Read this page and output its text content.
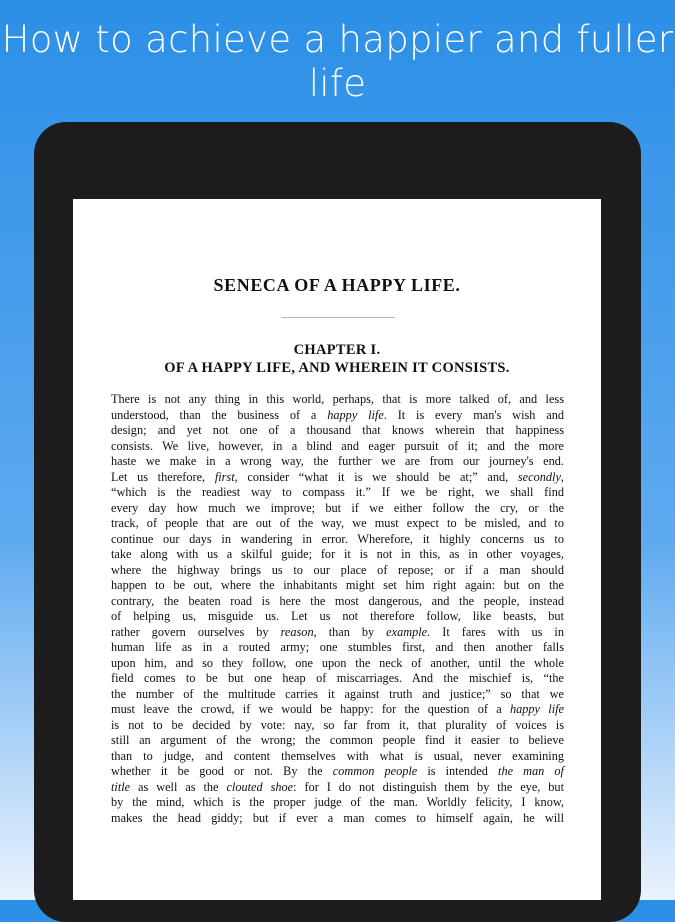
How to achieve a happier and fuller
life
SENECA OF A HAPPY LIFE.
CHAPTER I.
OF A HAPPY LIFE, AND WHEREIN IT CONSISTS.
There is not any thing in this world, perhaps, that is more talked of, and less
understood, than the business of a happy life. It is every man's wish and
design; and yet not one of a thousand that knows wherein that happiness
consists. We live, however, in a blind and eager pursuit of it; and the more
haste we make in a wrong way, the further we are from our journey's end.
Let us therefore, first, consider “what it is we should be at;” and, secondly,
“which is the readiest way to compass it.” If we be right, we shall find
every day how much we improve; but if we either follow the cry, or the
track, of people that are out of the way, we must expect to be misled, and to
continue our days in wandering in error. Wherefore, it highly concerns us to
take along with us a skilful guide; for it is not in this, as in other voyages,
where the highway brings us to our place of repose; or if a man should
happen to be out, where the inhabitants might set him right again: but on the
contrary, the beaten road is here the most dangerous, and the people, instead
of helping us, misguide us. Let us not therefore follow, like beasts, but
rather govern ourselves by reason, than by example. It fares with us in
human life as in a routed army; one stumbles first, and then another falls
upon him, and so they follow, one upon the neck of another, until the whole
field comes to be but one heap of miscarriages. And the mischief is, “the
the number of the multitude carries it against truth and justice;” so that we
must leave the crowd, if we would be happy: for the question of a happy life
is not to be decided by vote: nay, so far from it, that plurality of voices is
still an argument of the wrong; the common people find it easier to believe
than to judge, and content themselves with what is usual, never examining
whether it be good or not. By the common people is intended the man of
title as well as the clouted shoe: for I do not distinguish them by the eye, but
by the mind, which is the proper judge of the man. Worldly felicity, I know,
makes the head giddy; but if ever a man comes to himself again, he will
